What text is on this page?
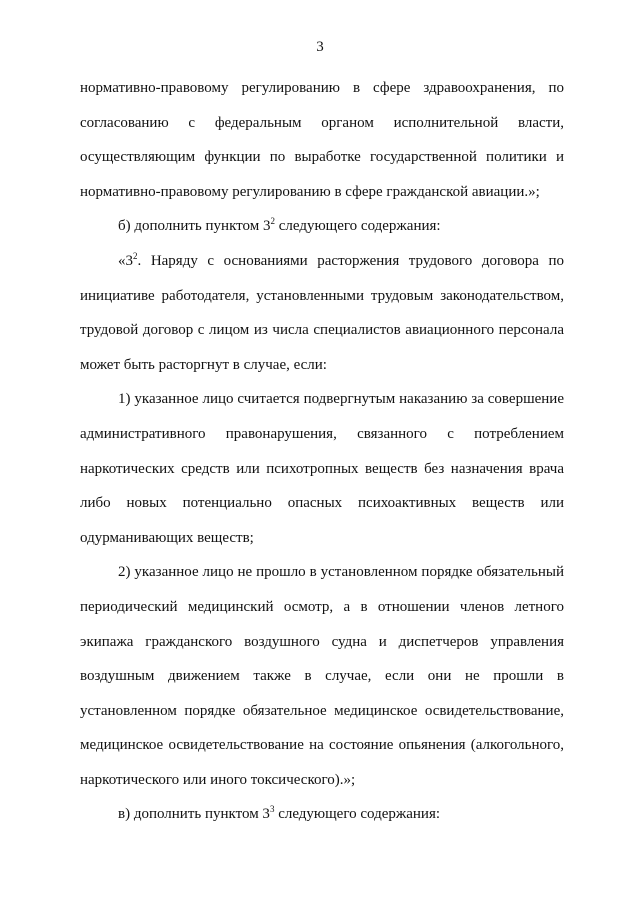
3

нормативно-правовому регулированию в сфере здравоохранения, по согласованию с федеральным органом исполнительной власти, осуществляющим функции по выработке государственной политики и нормативно-правовому регулированию в сфере гражданской авиации.»;

б) дополнить пунктом $3^2$ следующего содержания:

«$3^2$. Наряду с основаниями расторжения трудового договора по инициативе работодателя, установленными трудовым законодательством, трудовой договор с лицом из числа специалистов авиационного персонала может быть расторгнут в случае, если:

1) указанное лицо считается подвергнутым наказанию за совершение административного правонарушения, связанного с потреблением наркотических средств или психотропных веществ без назначения врача либо новых потенциально опасных психоактивных веществ или одурманивающих веществ;

2) указанное лицо не прошло в установленном порядке обязательный периодический медицинский осмотр, а в отношении членов летного экипажа гражданского воздушного судна и диспетчеров управления воздушным движением также в случае, если они не прошли в установленном порядке обязательное медицинское освидетельствование, медицинское освидетельствование на состояние опьянения (алкогольного, наркотического или иного токсического).»;

в) дополнить пунктом $3^3$ следующего содержания:
